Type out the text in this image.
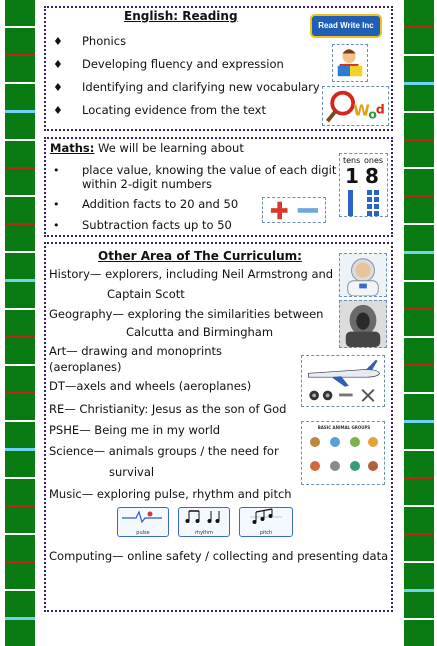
English: Reading
♦ Phonics
♦ Developing fluency and expression
♦ Identifying and clarifying new vocabulary
♦ Locating evidence from the text
Read Write Inc
W
o d
Maths: We will be learning about
• place value, knowing the value of each digit
within 2-digit numbers
• Addition facts to 20 and 50
• Subtraction facts up to 50
tens ones
1 8
Other Area of The Curriculum:
History— explorers, including Neil Armstrong and
Captain Scott
Geography— exploring the similarities between
Calcutta and Birmingham
Art— drawing and monoprints
(aeroplanes)
DT—axels and wheels (aeroplanes)
RE— Christianity: Jesus as the son of God
PSHE— Being me in my world
Science— animals groups / the need for
survival
Music— exploring pulse, rhythm and pitch
Computing— online safety / collecting and presenting data
BASIC ANIMAL GROUPS
pulse	rhythm	pitch
